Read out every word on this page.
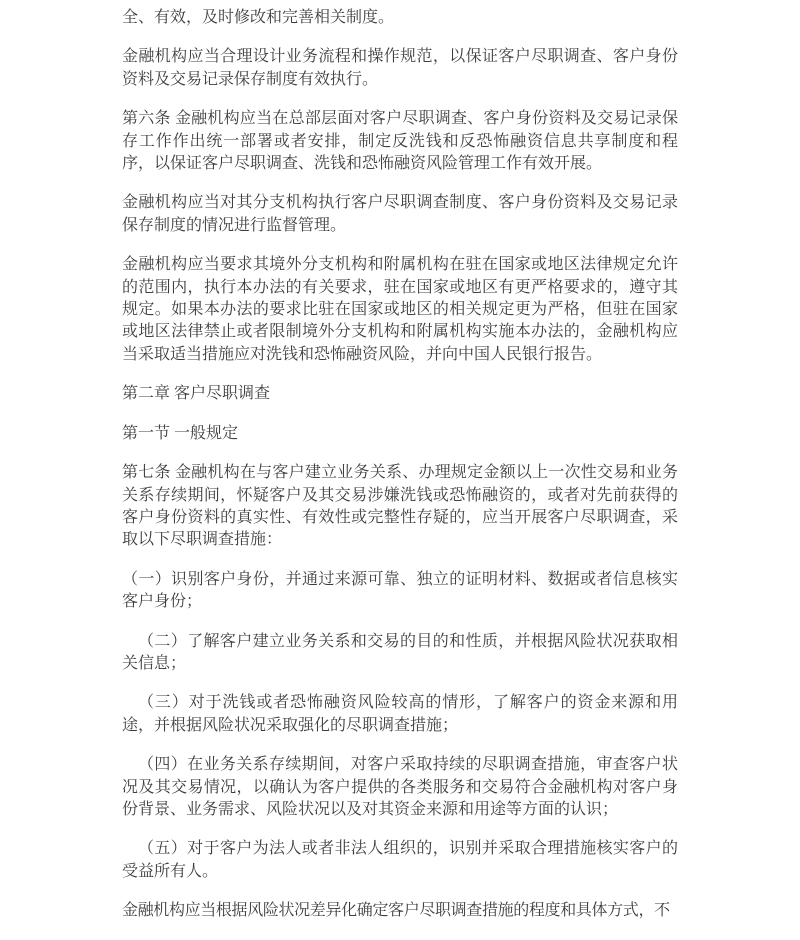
全、有效，及时修改和完善相关制度。

金融机构应当合理设计业务流程和操作规范，以保证客户尽职调查、客户身份资料及交易记录保存制度有效执行。

第六条 金融机构应当在总部层面对客户尽职调查、客户身份资料及交易记录保存工作作出统一部署或者安排，制定反洗钱和反恐怖融资信息共享制度和程序，以保证客户尽职调查、洗钱和恐怖融资风险管理工作有效开展。

金融机构应当对其分支机构执行客户尽职调查制度、客户身份资料及交易记录保存制度的情况进行监督管理。

金融机构应当要求其境外分支机构和附属机构在驻在国家或地区法律规定允许的范围内，执行本办法的有关要求，驻在国家或地区有更严格要求的，遵守其规定。如果本办法的要求比驻在国家或地区的相关规定更为严格，但驻在国家或地区法律禁止或者限制境外分支机构和附属机构实施本办法的，金融机构应当采取适当措施应对洗钱和恐怖融资风险，并向中国人民银行报告。

第二章 客户尽职调查

第一节 一般规定

第七条 金融机构在与客户建立业务关系、办理规定金额以上一次性交易和业务关系存续期间，怀疑客户及其交易涉嫌洗钱或恐怖融资的，或者对先前获得的客户身份资料的真实性、有效性或完整性存疑的，应当开展客户尽职调查，采取以下尽职调查措施：

（一）识别客户身份，并通过来源可靠、独立的证明材料、数据或者信息核实客户身份；

（二）了解客户建立业务关系和交易的目的和性质，并根据风险状况获取相关信息；

（三）对于洗钱或者恐怖融资风险较高的情形，了解客户的资金来源和用途，并根据风险状况采取强化的尽职调查措施；

（四）在业务关系存续期间，对客户采取持续的尽职调查措施，审查客户状况及其交易情况，以确认为客户提供的各类服务和交易符合金融机构对客户身份背景、业务需求、风险状况以及对其资金来源和用途等方面的认识；

（五）对于客户为法人或者非法人组织的，识别并采取合理措施核实客户的受益所有人。

金融机构应当根据风险状况差异化确定客户尽职调查措施的程度和具体方式，不
